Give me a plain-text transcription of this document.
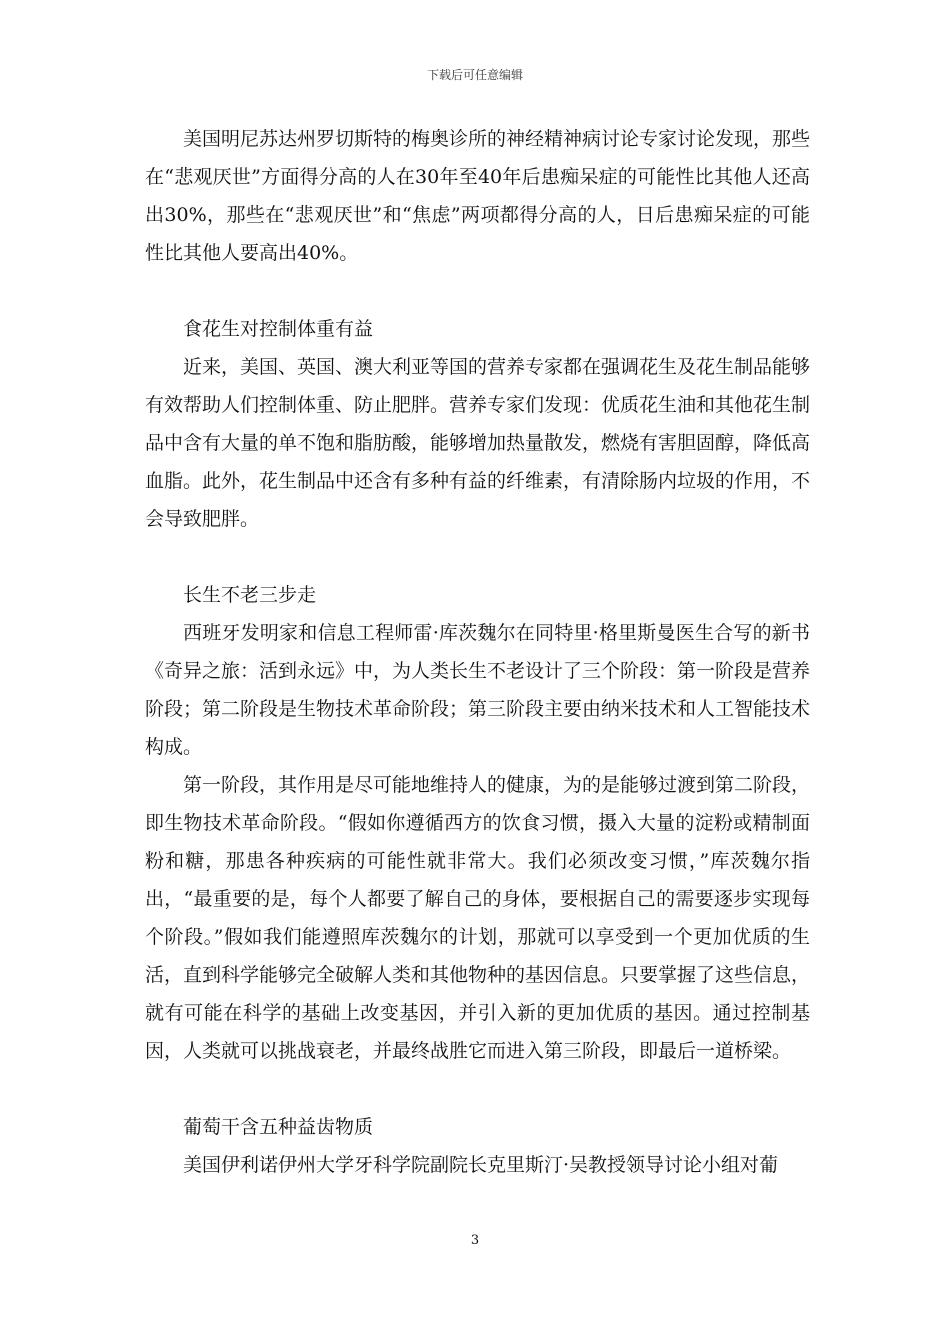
下载后可任意编辑

美国明尼苏达州罗切斯特的梅奥诊所的神经精神病讨论专家讨论发现，那些在“悲观厌世”方面得分高的人在30年至40年后患痴呆症的可能性比其他人还高出30%，那些在“悲观厌世”和“焦虑”两项都得分高的人，日后患痴呆症的可能性比其他人要高出40%。

食花生对控制体重有益

近来，美国、英国、澳大利亚等国的营养专家都在强调花生及花生制品能够有效帮助人们控制体重、防止肥胖。营养专家们发现：优质花生油和其他花生制品中含有大量的单不饱和脂肪酸，能够增加热量散发，燃烧有害胆固醇，降低高血脂。此外，花生制品中还含有多种有益的纤维素，有清除肠内垃圾的作用，不会导致肥胖。

长生不老三步走

西班牙发明家和信息工程师雷·库茨魏尔在同特里·格里斯曼医生合写的新书《奇异之旅：活到永远》中，为人类长生不老设计了三个阶段：第一阶段是营养阶段；第二阶段是生物技术革命阶段；第三阶段主要由纳米技术和人工智能技术构成。

第一阶段，其作用是尽可能地维持人的健康，为的是能够过渡到第二阶段，即生物技术革命阶段。“假如你遵循西方的饮食习惯，摄入大量的淀粉或精制面粉和糖，那患各种疾病的可能性就非常大。我们必须改变习惯，”库茨魏尔指出，“最重要的是，每个人都要了解自己的身体，要根据自己的需要逐步实现每个阶段。”假如我们能遵照库茨魏尔的计划，那就可以享受到一个更加优质的生活，直到科学能够完全破解人类和其他物种的基因信息。只要掌握了这些信息，就有可能在科学的基础上改变基因，并引入新的更加优质的基因。通过控制基因，人类就可以挑战衰老，并最终战胜它而进入第三阶段，即最后一道桥梁。

葡萄干含五种益齿物质

美国伊利诺伊州大学牙科学院副院长克里斯汀·吴教授领导讨论小组对葡

3
